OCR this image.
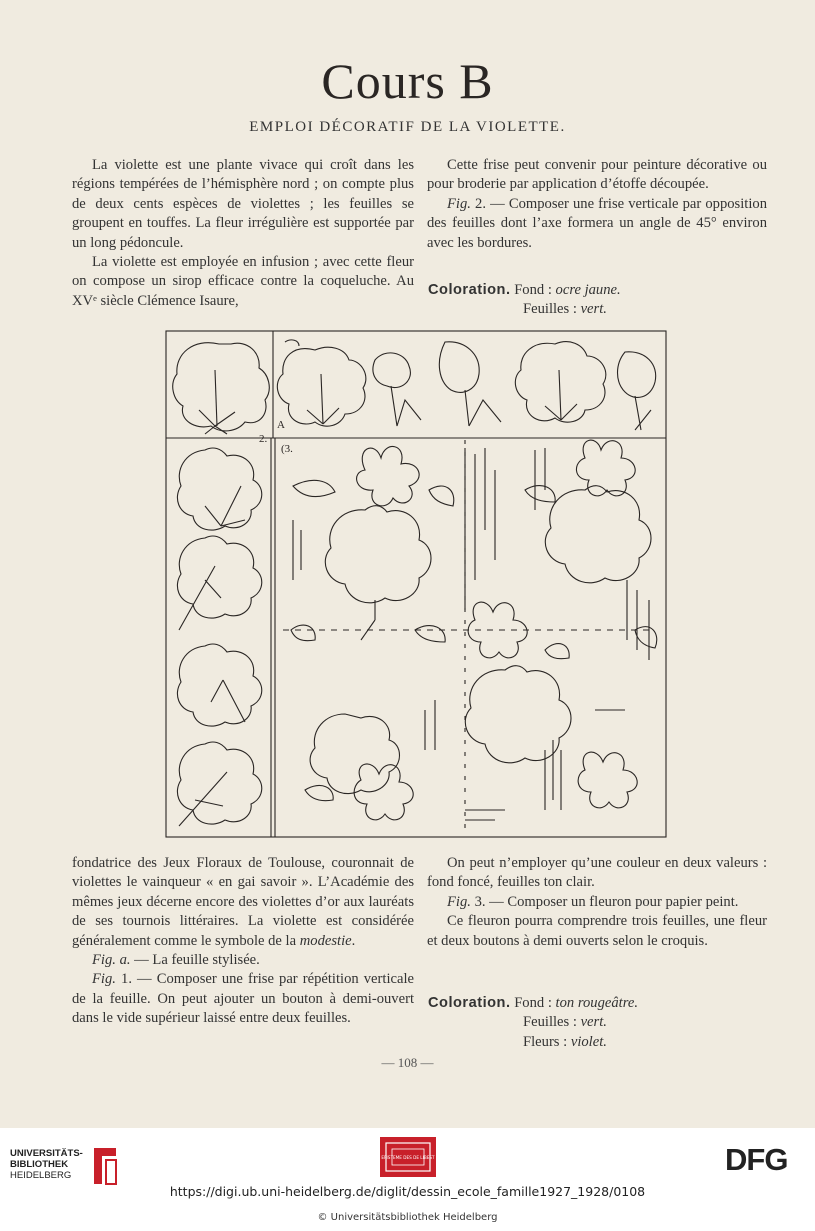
Cours B
EMPLOI DÉCORATIF DE LA VIOLETTE.

La violette est une plante vivace qui croît dans les régions tempérées de l’hémisphère nord ; on compte plus de deux cents espèces de violettes ; les feuilles se groupent en touffes. La fleur irrégulière est supportée par un long pédoncule.

La violette est employée en infusion ; avec cette fleur on compose un sirop efficace contre la coqueluche. Au XVᵉ siècle Clémence Isaure,

Cette frise peut convenir pour peinture décorative ou pour broderie par application d’étoffe découpée.

Fig. 2. — Composer une frise verticale par opposition des feuilles dont l’axe formera un angle de 45° environ avec les bordures.

Coloration. Fond : ocre jaune.
Feuilles : vert.
A
2.
(3.

fondatrice des Jeux Floraux de Toulouse, couronnait de violettes le vainqueur « en gai savoir ». L’Académie des mêmes jeux décerne encore des violettes d’or aux lauréats de ses tournois littéraires. La violette est considérée généralement comme le symbole de la modestie.

Fig. a. — La feuille stylisée.

Fig. 1. — Composer une frise par répétition verticale de la feuille. On peut ajouter un bouton à demi-ouvert dans le vide supérieur laissé entre deux feuilles.

On peut n’employer qu’une couleur en deux valeurs : fond foncé, feuilles ton clair.

Fig. 3. — Composer un fleuron pour papier peint.

Ce fleuron pourra comprendre trois feuilles, une fleur et deux boutons à demi ouverts selon le croquis.

Coloration. Fond : ton rougeâtre.
Feuilles : vert.
Fleurs : violet.
— 108 —
UNIVERSITÄTS-
BIBLIOTHEK
HEIDELBERG
EPISTEME DES DE LIBEST	DFG
https://digi.ub.uni-heidelberg.de/diglit/dessin_ecole_famille1927_1928/0108
© Universitätsbibliothek Heidelberg
